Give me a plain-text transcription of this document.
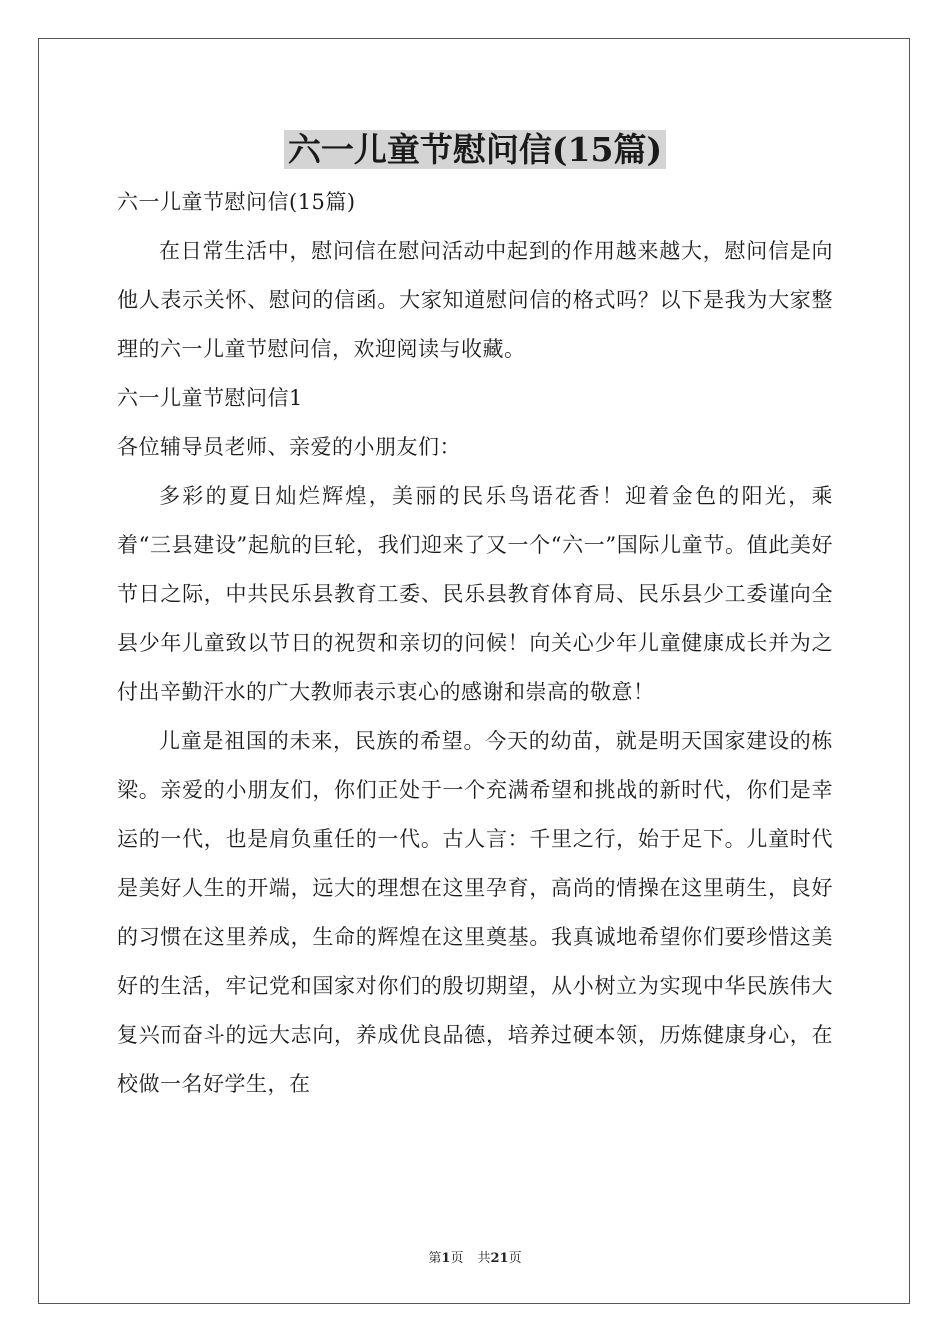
六一儿童节慰问信(15篇)

六一儿童节慰问信(15篇)

在日常生活中，慰问信在慰问活动中起到的作用越来越大，慰问信是向他人表示关怀、慰问的信函。大家知道慰问信的格式吗？以下是我为大家整理的六一儿童节慰问信，欢迎阅读与收藏。

六一儿童节慰问信1

各位辅导员老师、亲爱的小朋友们：

多彩的夏日灿烂辉煌，美丽的民乐鸟语花香！迎着金色的阳光，乘着“三县建设”起航的巨轮，我们迎来了又一个“六一”国际儿童节。值此美好节日之际，中共民乐县教育工委、民乐县教育体育局、民乐县少工委谨向全县少年儿童致以节日的祝贺和亲切的问候！向关心少年儿童健康成长并为之付出辛勤汗水的广大教师表示衷心的感谢和崇高的敬意！

儿童是祖国的未来，民族的希望。今天的幼苗，就是明天国家建设的栋梁。亲爱的小朋友们，你们正处于一个充满希望和挑战的新时代，你们是幸运的一代，也是肩负重任的一代。古人言：千里之行，始于足下。儿童时代是美好人生的开端，远大的理想在这里孕育，高尚的情操在这里萌生，良好的习惯在这里养成，生命的辉煌在这里奠基。我真诚地希望你们要珍惜这美好的生活，牢记党和国家对你们的殷切期望，从小树立为实现中华民族伟大复兴而奋斗的远大志向，养成优良品德，培养过硬本领，历炼健康身心，在校做一名好学生，在

第1页 共21页
